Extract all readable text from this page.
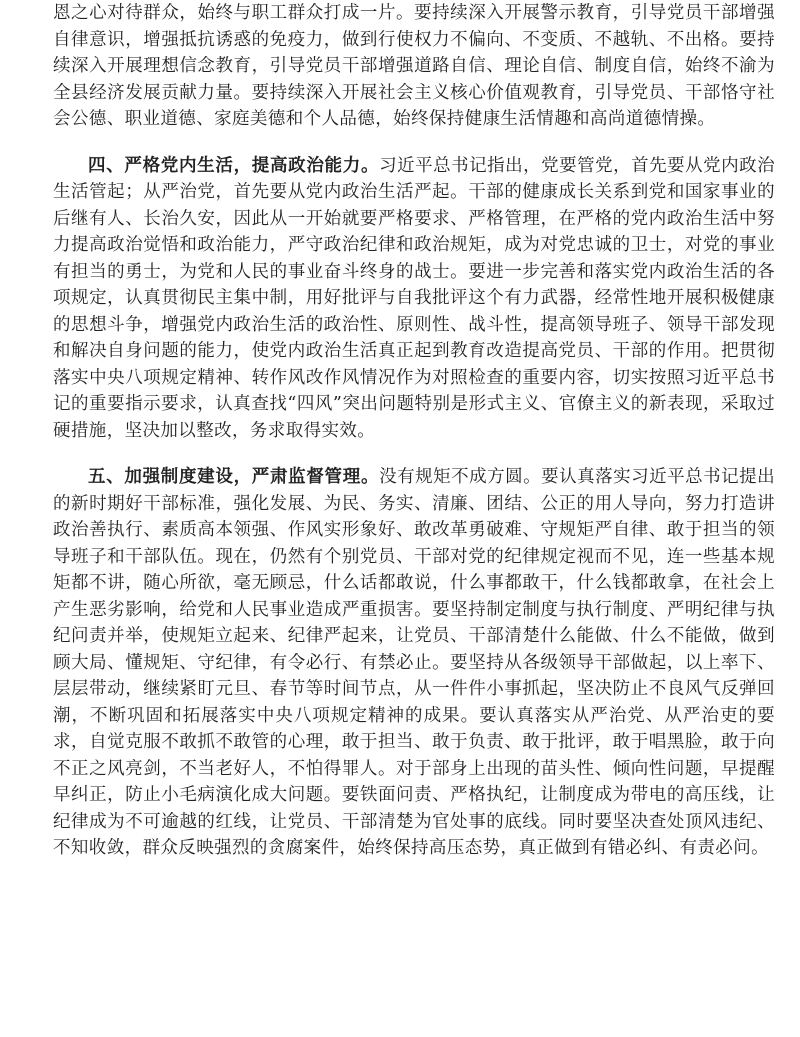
恩之心对待群众，始终与职工群众打成一片。要持续深入开展警示教育，引导党员干部增强自律意识，增强抵抗诱惑的免疫力，做到行使权力不偏向、不变质、不越轨、不出格。要持续深入开展理想信念教育，引导党员干部增强道路自信、理论自信、制度自信，始终不渝为全县经济发展贡献力量。要持续深入开展社会主义核心价值观教育，引导党员、干部恪守社会公德、职业道德、家庭美德和个人品德，始终保持健康生活情趣和高尚道德情操。

四、严格党内生活，提高政治能力。习近平总书记指出，党要管党，首先要从党内政治生活管起；从严治党，首先要从党内政治生活严起。干部的健康成长关系到党和国家事业的后继有人、长治久安，因此从一开始就要严格要求、严格管理，在严格的党内政治生活中努力提高政治觉悟和政治能力，严守政治纪律和政治规矩，成为对党忠诚的卫士，对党的事业有担当的勇士，为党和人民的事业奋斗终身的战士。要进一步完善和落实党内政治生活的各项规定，认真贯彻民主集中制，用好批评与自我批评这个有力武器，经常性地开展积极健康的思想斗争，增强党内政治生活的政治性、原则性、战斗性，提高领导班子、领导干部发现和解决自身问题的能力，使党内政治生活真正起到教育改造提高党员、干部的作用。把贯彻落实中央八项规定精神、转作风改作风情况作为对照检查的重要内容，切实按照习近平总书记的重要指示要求，认真查找“四风”突出问题特别是形式主义、官僚主义的新表现，采取过硬措施，坚决加以整改，务求取得实效。

五、加强制度建设，严肃监督管理。没有规矩不成方圆。要认真落实习近平总书记提出的新时期好干部标准，强化发展、为民、务实、清廉、团结、公正的用人导向，努力打造讲政治善执行、素质高本领强、作风实形象好、敢改革勇破难、守规矩严自律、敢于担当的领导班子和干部队伍。现在，仍然有个别党员、干部对党的纪律规定视而不见，连一些基本规矩都不讲，随心所欲，毫无顾忌，什么话都敢说，什么事都敢干，什么钱都敢拿，在社会上产生恶劣影响，给党和人民事业造成严重损害。要坚持制定制度与执行制度、严明纪律与执纪问责并举，使规矩立起来、纪律严起来，让党员、干部清楚什么能做、什么不能做，做到顾大局、懂规矩、守纪律，有令必行、有禁必止。要坚持从各级领导干部做起，以上率下、层层带动，继续紧盯元旦、春节等时间节点，从一件件小事抓起，坚决防止不良风气反弹回潮，不断巩固和拓展落实中央八项规定精神的成果。要认真落实从严治党、从严治吏的要求，自觉克服不敢抓不敢管的心理，敢于担当、敢于负责、敢于批评，敢于唱黑脸，敢于向不正之风亮剑，不当老好人，不怕得罪人。对于部身上出现的苗头性、倾向性问题，早提醒早纠正，防止小毛病演化成大问题。要铁面问责、严格执纪，让制度成为带电的高压线，让纪律成为不可逾越的红线，让党员、干部清楚为官处事的底线。同时要坚决查处顶风违纪、不知收敛，群众反映强烈的贪腐案件，始终保持高压态势，真正做到有错必纠、有责必问。
